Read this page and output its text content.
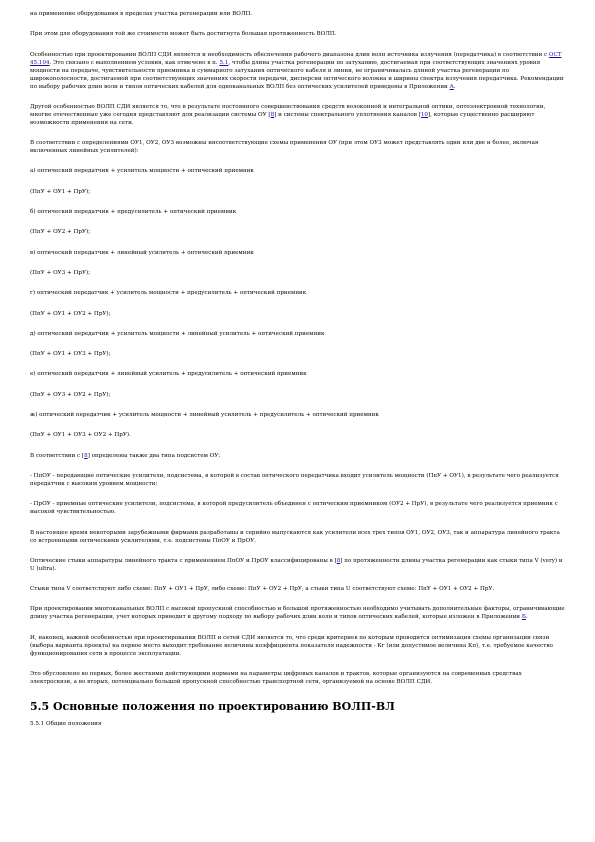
на применение оборудования в пределах участка регенерации или ВОЛП.

При этом для оборудования той же стоимости может быть достигнута большая протяженность ВОЛП.

Особенностью при проектировании ВОЛП СДИ является и необходимость обеспечения рабочего диапазона длин волн источника излучения (передатчика) в соответствии с ОСТ 45.104. Это связано с выполнением условия, как отмечено в п. 5.1, чтобы длина участка регенерации по затуханию, достигаемая при соответствующих значениях уровня мощности на передаче, чувствительности приемника и суммарного затухания оптического кабеля и линии, не ограничивалась длиной участка регенерации по широкополосности, достигаемой при соответствующих значениях скорости передачи, дисперсии оптического волокна и ширины спектра излучения передатчика. Рекомендации по выбору рабочих длин волн и типов оптических кабелей для одноканальных ВОЛП без оптических усилителей приведены в Приложении А.

Другой особенностью ВОЛП СДИ является то, что в результате постоянного совершенствования средств волоконной и интегральной оптики, оптоэлектронной технологии, многие отечественные уже сегодня представляют для реализации системы ОУ [8] и системы спектрального уплотнения каналов [10], которые существенно расширяют возможности применения на сети.

В соответствии с определениями ОУ1, ОУ2, ОУ3 возможны инсоответствующие схемы применения ОУ (при этом ОУ3 может представлять одни или две и более, включая включенных линейных усилителей):

а) оптический передатчик + усилитель мощности + оптический приемник

(ПпУ + ОУ1 + ПрУ);

б) оптический передатчик + предусилитель + оптический приемник

(ПпУ + ОУ2 + ПрУ);

в) оптический передатчик + линейный усилитель + оптический приемник

(ПпУ + ОУ3 + ПрУ);

г) оптический передатчик + усилитель мощности + предусилитель + оптический приемник

(ПпУ + ОУ1 + ОУ2 + ПрУ);

д) оптический передатчик + усилитель мощности + линейный усилитель + оптический приемник

(ПпУ + ОУ1 + ОУ3 + ПрУ);

е) оптический передатчик + линейный усилитель + предусилитель + оптический приемник

(ПпУ + ОУ3 + ОУ2 + ПрУ);

ж) оптический передатчик + усилитель мощности + линейный усилитель + предусилитель + оптический приемник

(ПпУ + ОУ1 + ОУ3 + ОУ2 + ПрУ).

В соответствии с [8] определены также два типа подсистем ОУ:

- ПпОУ - передающие оптические усилители, подсистема, в которой в состав оптического передатчика входит усилитель мощности (ПпУ + ОУ1), в результате чего реализуется передатчик с высоким уровнем мощности;

- ПрОУ - приемные оптические усилители, подсистема, в которой предусилитель объединен с оптическим приемником (ОУ2 + ПрУ), в результате чего реализуется приемник с высокой чувствительностью.

В настоящее время некоторыми зарубежными фирмами разработаны и серийно выпускаются как усилители всех трех типов ОУ1, ОУ2, ОУ3, так и аппаратура линейного тракта со встроенными оптическими усилителями, т.е. подсистемы ПпОУ и ПрОУ.

Оптические стыки аппаратуры линейного тракта с применением ПпОУ и ПрОУ классифицированы в [8] по протяженности длины участка регенерации как стыки типа V (very) и U (ultra).

Стыки типа V соответствуют либо схеме: ПпУ + ОУ1 + ПрУ, либо схеме: ПпУ + ОУ2 + ПрУ, а стыки типа U соответствуют схеме: ПпУ + ОУ1 + ОУ2 + ПрУ.

При проектировании многоканальных ВОЛП с высокой пропускной способностью и большой протяженностью необходимо учитывать дополнительные факторы, ограничивающие длину участка регенерации, учет которых приводит к другому подходу по выбору рабочих длин волн и типов оптических кабелей, которые изложен в Приложении Б.

И, наконец, важной особенностью при проектировании ВОЛП и сетей СДИ является то, что среди критериев по которым проводится оптимизация схемы организации связи (выбора варианта проекта) на первое место выходит требование величины коэффициента показателя надежности - Кг (или допустимое величина Кп), т.е. требуемое качество функционирования сети в процессе эксплуатации.

Это обусловлено во первых, более жесткими действующими нормами на параметры цифровых каналов и трактов, которые организуются на современных средствах электросвязи, а во вторых, потенциально большой пропускной способностью транспортной сети, организуемой на основе ВОЛП СДИ.

5.5 Основные положения по проектированию ВОЛП-ВЛ

5.5.1 Общие положения
